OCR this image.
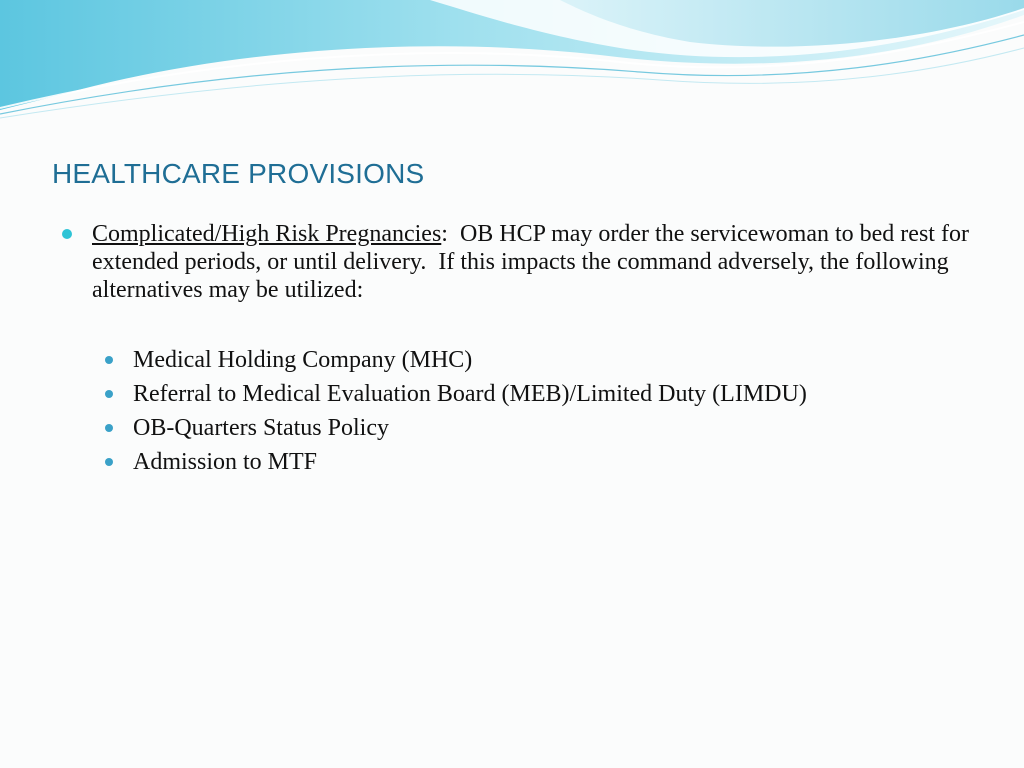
HEALTHCARE PROVISIONS
Complicated/High Risk Pregnancies:  OB HCP may order the servicewoman to bed rest for extended periods, or until delivery.  If this impacts the command adversely, the following alternatives may be utilized:
Medical Holding Company (MHC)
Referral to Medical Evaluation Board (MEB)/Limited Duty (LIMDU)
OB-Quarters Status Policy
Admission to MTF
